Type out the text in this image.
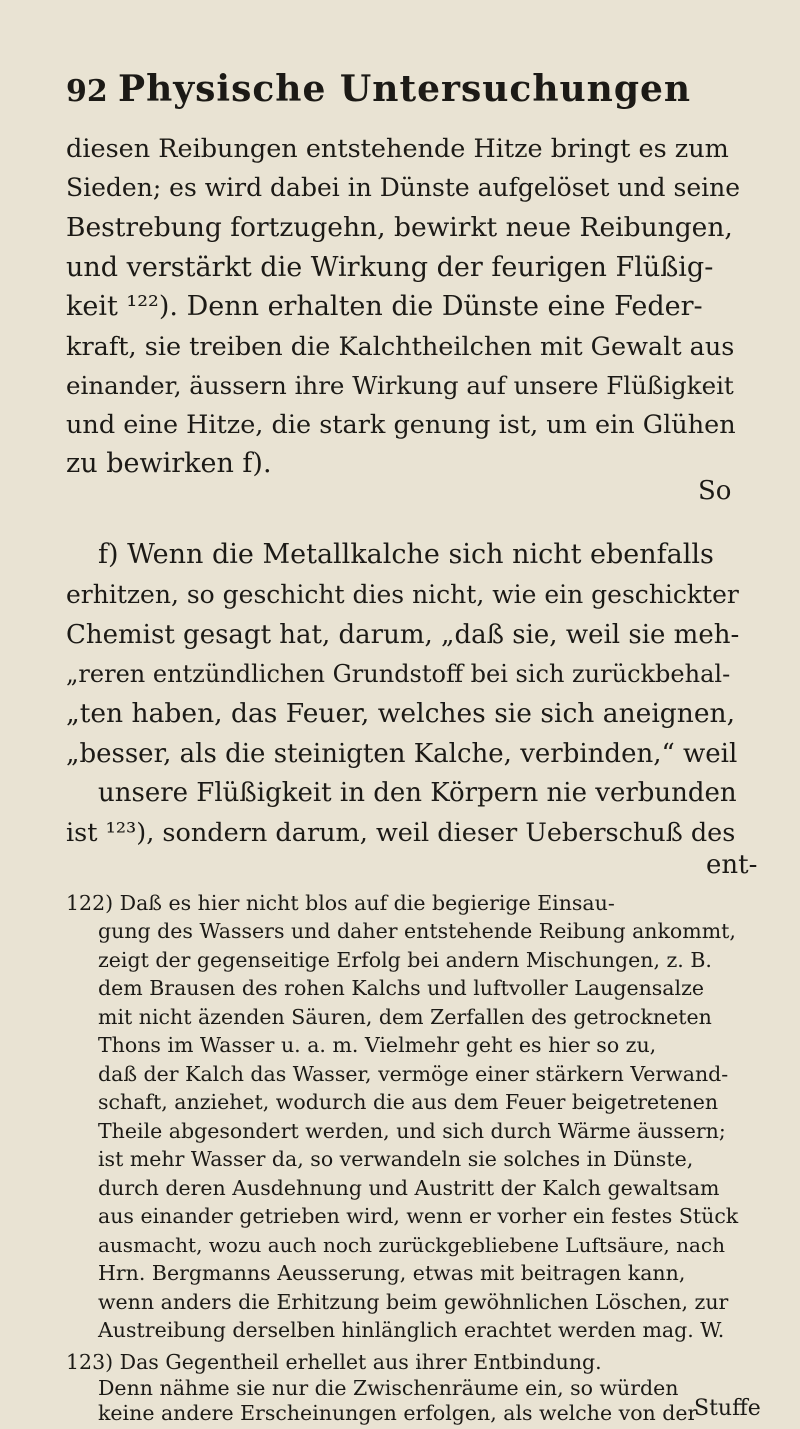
92 Physische Untersuchungen
diesen Reibungen entstehende Hitze bringt es zum
Sieden; es wird dabei in Dünste aufgelöset und seine
Bestrebung fortzugehn, bewirkt neue Reibungen,
und verstärkt die Wirkung der feurigen Flüßig-
keit ¹²²). Denn erhalten die Dünste eine Feder-
kraft, sie treiben die Kalchtheilchen mit Gewalt aus
einander, äussern ihre Wirkung auf unsere Flüßigkeit
und eine Hitze, die stark genung ist, um ein Glühen
zu bewirken f).
So
f) Wenn die Metallkalche sich nicht ebenfalls
erhitzen, so geschicht dies nicht, wie ein geschickter
Chemist gesagt hat, darum, „daß sie, weil sie meh-
„reren entzündlichen Grundstoff bei sich zurückbehal-
„ten haben, das Feuer, welches sie sich aneignen,
„besser, als die steinigten Kalche, verbinden,“ weil
unsere Flüßigkeit in den Körpern nie verbunden
ist ¹²³), sondern darum, weil dieser Ueberschuß des
ent-
122) Daß es hier nicht blos auf die begierige Einsau-
gung des Wassers und daher entstehende Reibung ankommt,
zeigt der gegenseitige Erfolg bei andern Mischungen, z. B.
dem Brausen des rohen Kalchs und luftvoller Laugensalze
mit nicht äzenden Säuren, dem Zerfallen des getrockneten
Thons im Wasser u. a. m. Vielmehr geht es hier so zu,
daß der Kalch das Wasser, vermöge einer stärkern Verwand-
schaft, anziehet, wodurch die aus dem Feuer beigetretenen
Theile abgesondert werden, und sich durch Wärme äussern;
ist mehr Wasser da, so verwandeln sie solches in Dünste,
durch deren Ausdehnung und Austritt der Kalch gewaltsam
aus einander getrieben wird, wenn er vorher ein festes Stück
ausmacht, wozu auch noch zurückgebliebene Luftsäure, nach
Hrn. Bergmanns Aeusserung, etwas mit beitragen kann,
wenn anders die Erhitzung beim gewöhnlichen Löschen, zur
Austreibung derselben hinlänglich erachtet werden mag. W.
123) Das Gegentheil erhellet aus ihrer Entbindung.
Denn nähme sie nur die Zwischenräume ein, so würden
keine andere Erscheinungen erfolgen, als welche von der
Stuffe
